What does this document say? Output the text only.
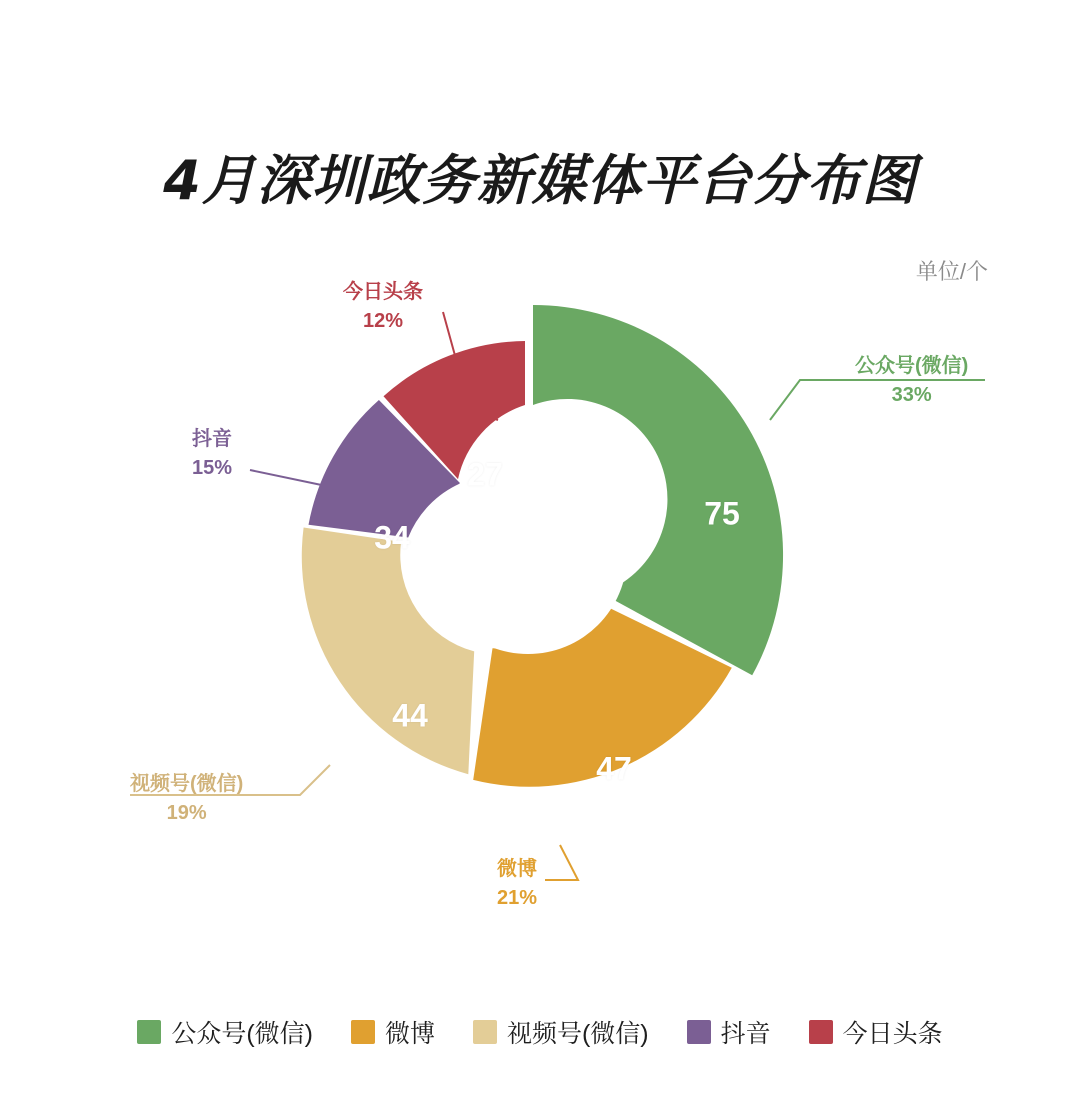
4月深圳政务新媒体平台分布图
单位/个
75
47
44
34
27
公众号(微信)
33%
微博
21%
视频号(微信)
19%
抖音
15%
今日头条
12%
公众号(微信)	微博	视频号(微信)	抖音	今日头条
